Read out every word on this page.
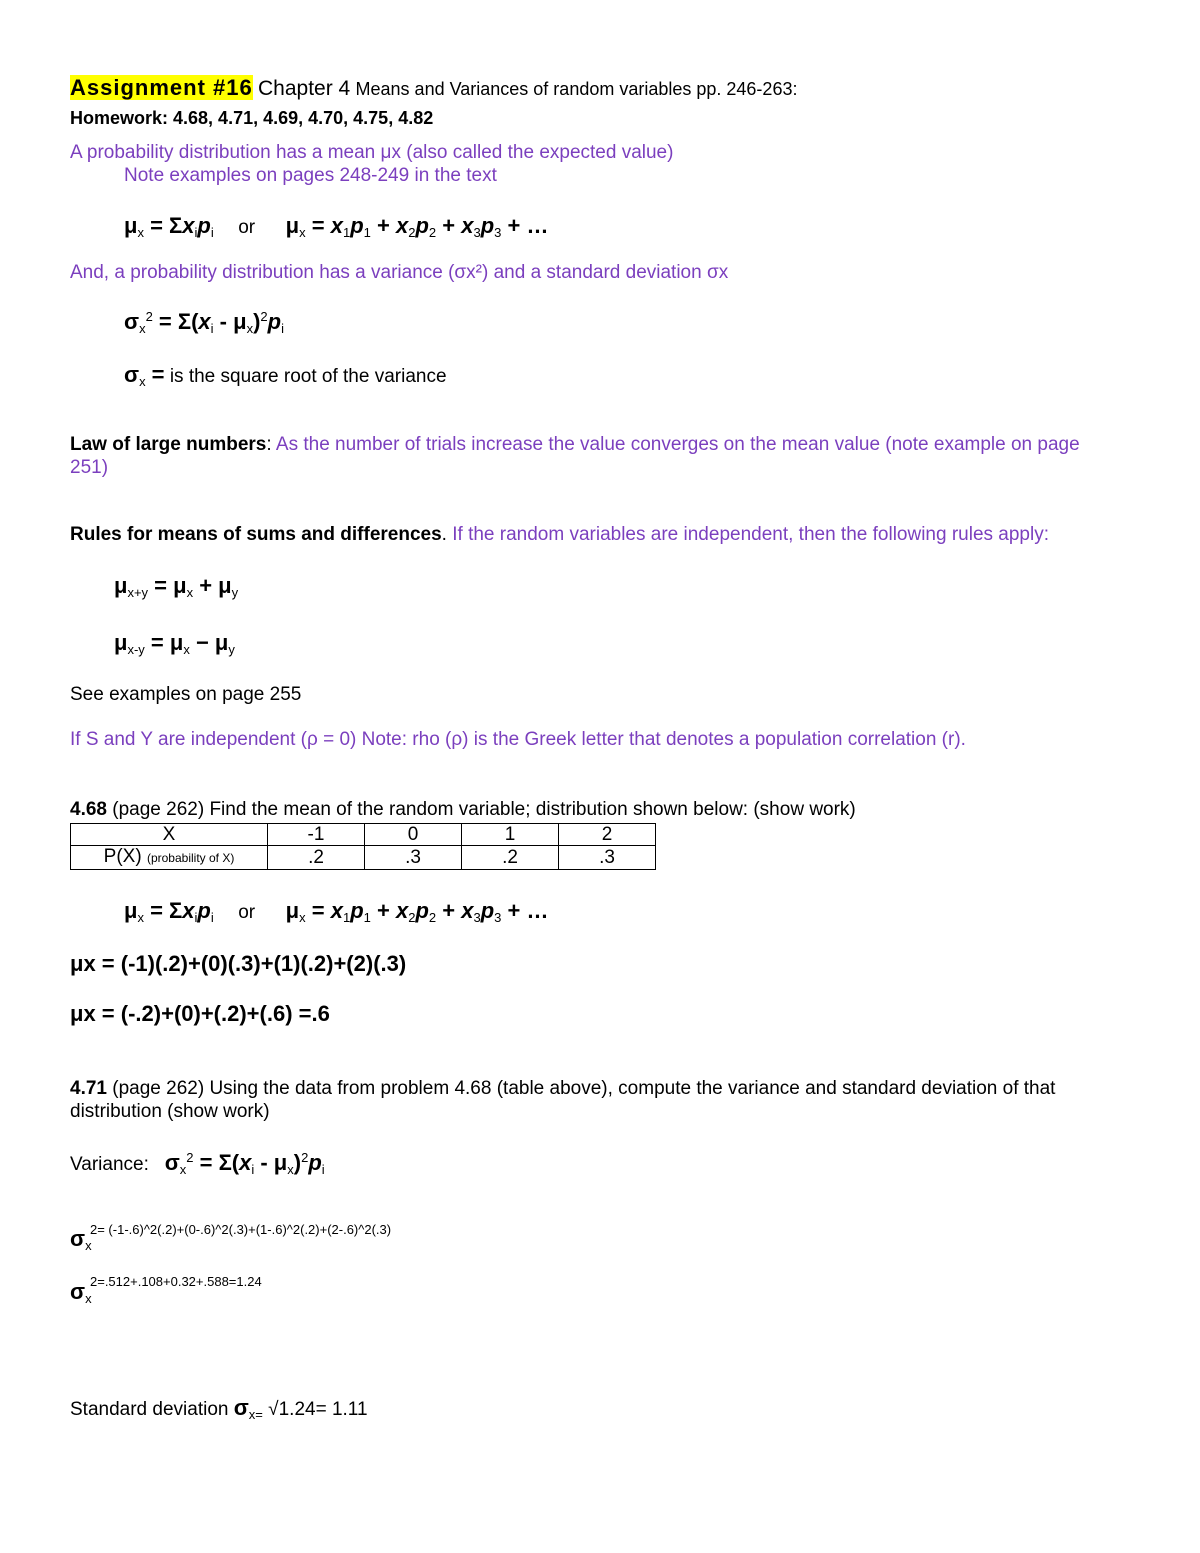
Assignment #16 Chapter 4 Means and Variances of random variables pp. 246-263:
Homework: 4.68, 4.71, 4.69, 4.70, 4.75, 4.82
A probability distribution has a mean μx (also called the expected value)
Note examples on pages 248-249 in the text
$\mu_x = \Sigma x_ip_i$ or     $\mu_x = x_1p_1 + x_2p_2 + x_3p_3$ + …
And, a probability distribution has a variance (σx²) and a standard deviation σx
$\sigma_x^2 = \Sigma(x_i - \mu_x)^2p_i$
$\sigma_x$ = is the square root of the variance
Law of large numbers: As the number of trials increase the value converges on the mean value (note example on page
251)
Rules for means of sums and differences. If the random variables are independent, then the following rules apply:
$\mu_{x+y} = \mu_x + \mu_y$
$\mu_{x-y} = \mu_x - \mu_y$
See examples on page 255
If S and Y are independent (ρ = 0) Note: rho (ρ) is the Greek letter that denotes a population correlation (r).
4.68 (page 262) Find the mean of the random variable; distribution shown below: (show work)
X	-1	0	1	2
P(X) (probability of X)	.2	.3	.2	.3
$\mu_x = \Sigma x_ip_i$ or     $\mu_x = x_1p_1 + x_2p_2 + x_3p_3$ + …
μx = (-1)(.2)+(0)(.3)+(1)(.2)+(2)(.3)
μx = (-.2)+(0)+(.2)+(.6) =.6
4.71 (page 262) Using the data from problem 4.68 (table above), compute the variance and standard deviation of that
distribution (show work)
Variance: $\sigma_x^2 = \Sigma(x_i - \mu_x)^2p_i$
$\sigma_x$
2= (-1-.6)^2(.2)+(0-.6)^2(.3)+(1-.6)^2(.2)+(2-.6)^2(.3)
$\sigma_x$
2=.512+.108+0.32+.588=1.24
Standard deviation $\sigma_{x=}$ √1.24= 1.11
